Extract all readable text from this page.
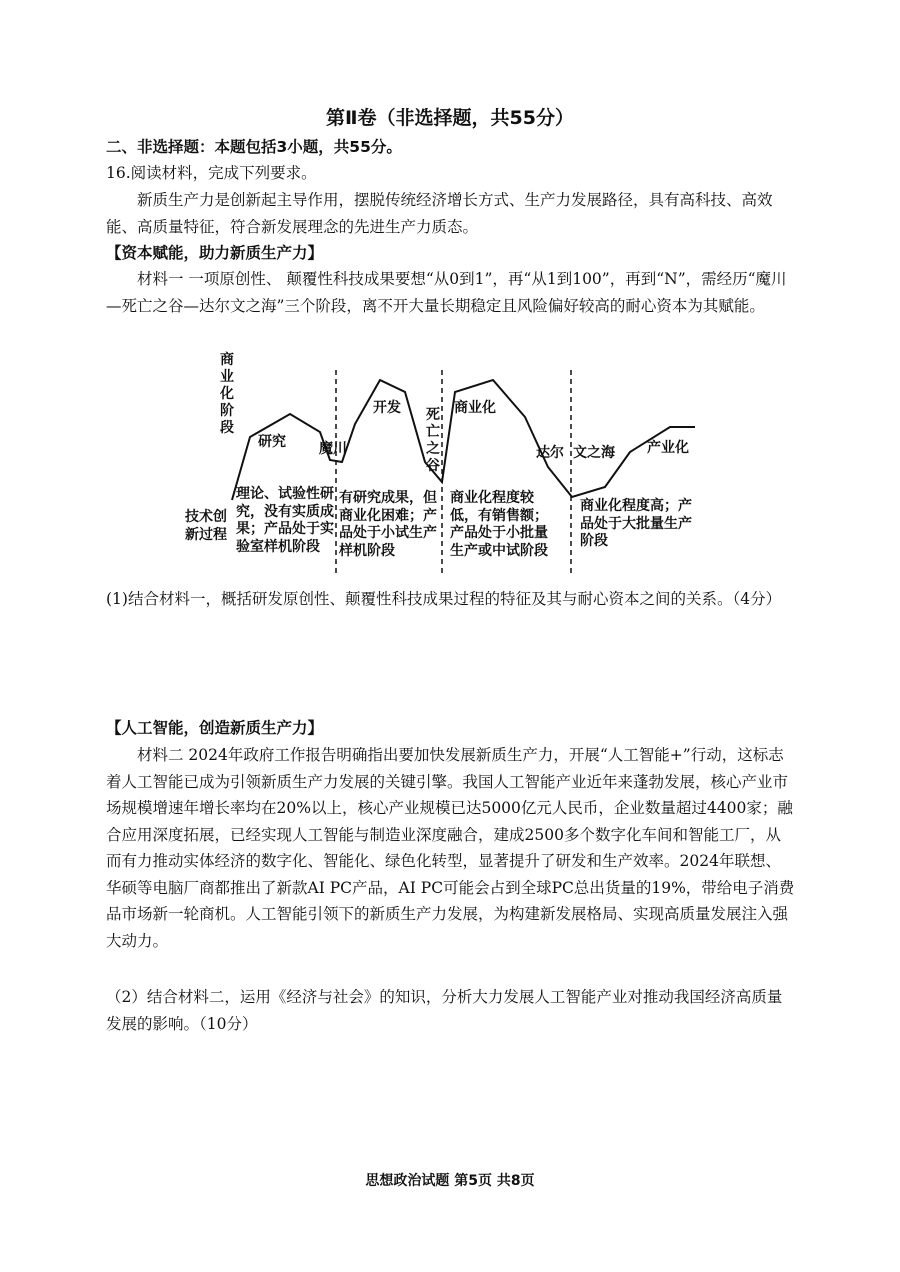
第Ⅱ卷（非选择题，共55分）
二、非选择题：本题包括3小题，共55分。
16.阅读材料，完成下列要求。
新质生产力是创新起主导作用，摆脱传统经济增长方式、生产力发展路径，具有高科技、高效能、高质量特征，符合新发展理念的先进生产力质态。
【资本赋能，助力新质生产力】
材料一 一项原创性、 颠覆性科技成果要想“从0到1”，再“从1到100”，再到“N”，需经历“魔川—死亡之谷—达尔文之海”三个阶段，离不开大量长期稳定且风险偏好较高的耐心资本为其赋能。
商业化阶段
死亡之谷
研究 魔川
开发	商业化
达尔 文之海 产业化
技术创新过程
理论、试验性研究，没有实质成果；产品处于实验室样机阶段
有研究成果，但商业化困难；产品处于小试生产样机阶段
商业化程度较低，有销售额；产品处于小批量生产或中试阶段
商业化程度高；产品处于大批量生产阶段
(1)结合材料一，概括研发原创性、颠覆性科技成果过程的特征及其与耐心资本之间的关系。（4分）
【人工智能，创造新质生产力】
材料二 2024年政府工作报告明确指出要加快发展新质生产力，开展“人工智能+”行动，这标志着人工智能已成为引领新质生产力发展的关键引擎。我国人工智能产业近年来蓬勃发展，核心产业市场规模增速年增长率均在20%以上，核心产业规模已达5000亿元人民币，企业数量超过4400家；融合应用深度拓展，已经实现人工智能与制造业深度融合，建成2500多个数字化车间和智能工厂，从而有力推动实体经济的数字化、智能化、绿色化转型，显著提升了研发和生产效率。2024年联想、华硕等电脑厂商都推出了新款AI PC产品，AI PC可能会占到全球PC总出货量的19%，带给电子消费品市场新一轮商机。人工智能引领下的新质生产力发展，为构建新发展格局、实现高质量发展注入强大动力。
（2）结合材料二，运用《经济与社会》的知识，分析大力发展人工智能产业对推动我国经济高质量发展的影响。（10分）
思想政治试题 第5页 共8页
